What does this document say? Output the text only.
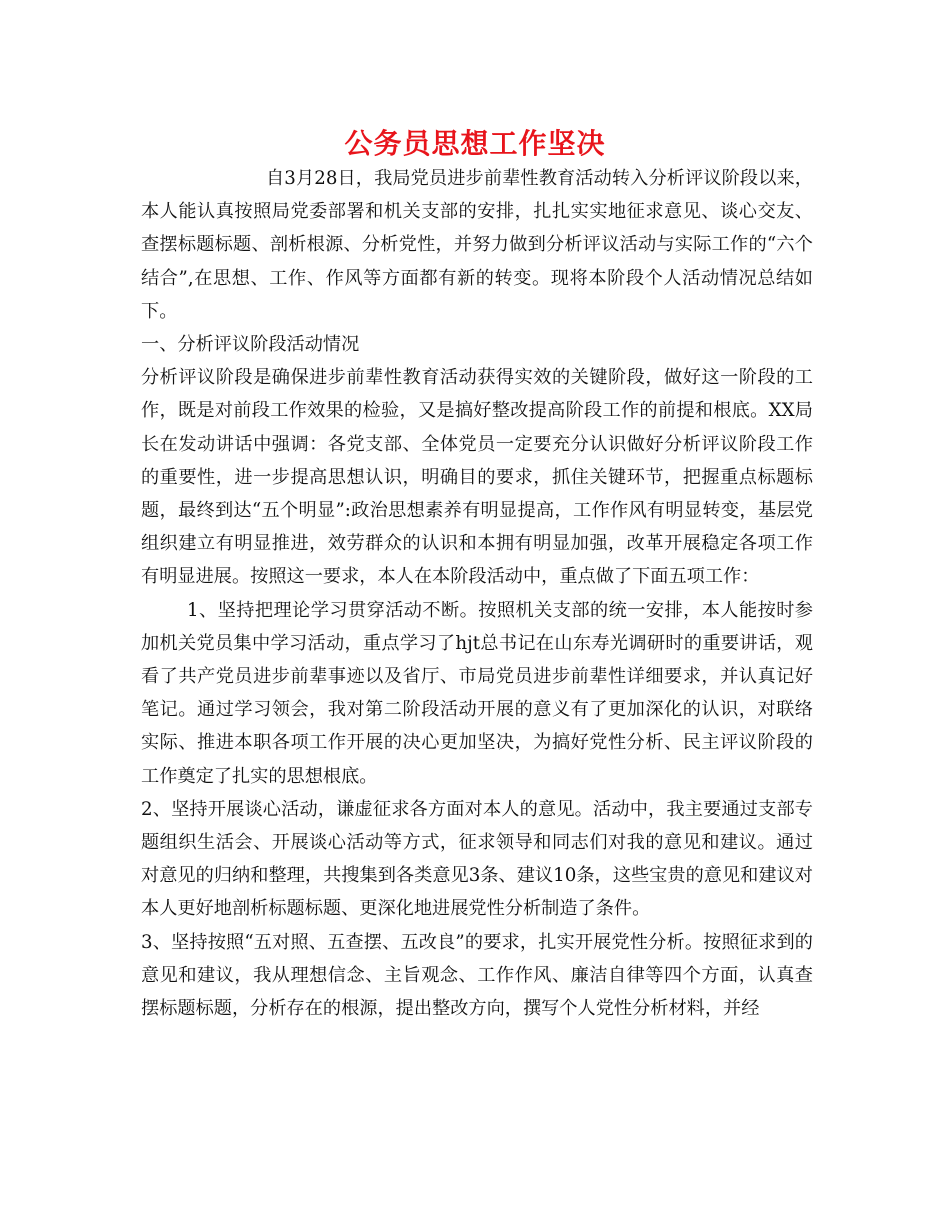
公务员思想工作坚决

自3月28日，我局党员进步前辈性教育活动转入分析评议阶段以来，本人能认真按照局党委部署和机关支部的安排，扎扎实实地征求意见、谈心交友、查摆标题标题、剖析根源、分析党性，并努力做到分析评议活动与实际工作的“六个结合”,在思想、工作、作风等方面都有新的转变。现将本阶段个人活动情况总结如下。

一、分析评议阶段活动情况

分析评议阶段是确保进步前辈性教育活动获得实效的关键阶段，做好这一阶段的工作，既是对前段工作效果的检验，又是搞好整改提高阶段工作的前提和根底。XX局长在发动讲话中强调：各党支部、全体党员一定要充分认识做好分析评议阶段工作的重要性，进一步提高思想认识，明确目的要求，抓住关键环节，把握重点标题标题，最终到达“五个明显”:政治思想素养有明显提高，工作作风有明显转变，基层党组织建立有明显推进，效劳群众的认识和本拥有明显加强，改革开展稳定各项工作有明显进展。按照这一要求，本人在本阶段活动中，重点做了下面五项工作：

1、坚持把理论学习贯穿活动不断。按照机关支部的统一安排，本人能按时参加机关党员集中学习活动，重点学习了hjt总书记在山东寿光调研时的重要讲话，观看了共产党员进步前辈事迹以及省厅、市局党员进步前辈性详细要求，并认真记好笔记。通过学习领会，我对第二阶段活动开展的意义有了更加深化的认识，对联络实际、推进本职各项工作开展的决心更加坚决，为搞好党性分析、民主评议阶段的工作奠定了扎实的思想根底。

2、坚持开展谈心活动，谦虚征求各方面对本人的意见。活动中，我主要通过支部专题组织生活会、开展谈心活动等方式，征求领导和同志们对我的意见和建议。通过对意见的归纳和整理，共搜集到各类意见3条、建议10条，这些宝贵的意见和建议对本人更好地剖析标题标题、更深化地进展党性分析制造了条件。

3、坚持按照“五对照、五查摆、五改良”的要求，扎实开展党性分析。按照征求到的意见和建议，我从理想信念、主旨观念、工作作风、廉洁自律等四个方面，认真查摆标题标题，分析存在的根源，提出整改方向，撰写个人党性分析材料，并经
